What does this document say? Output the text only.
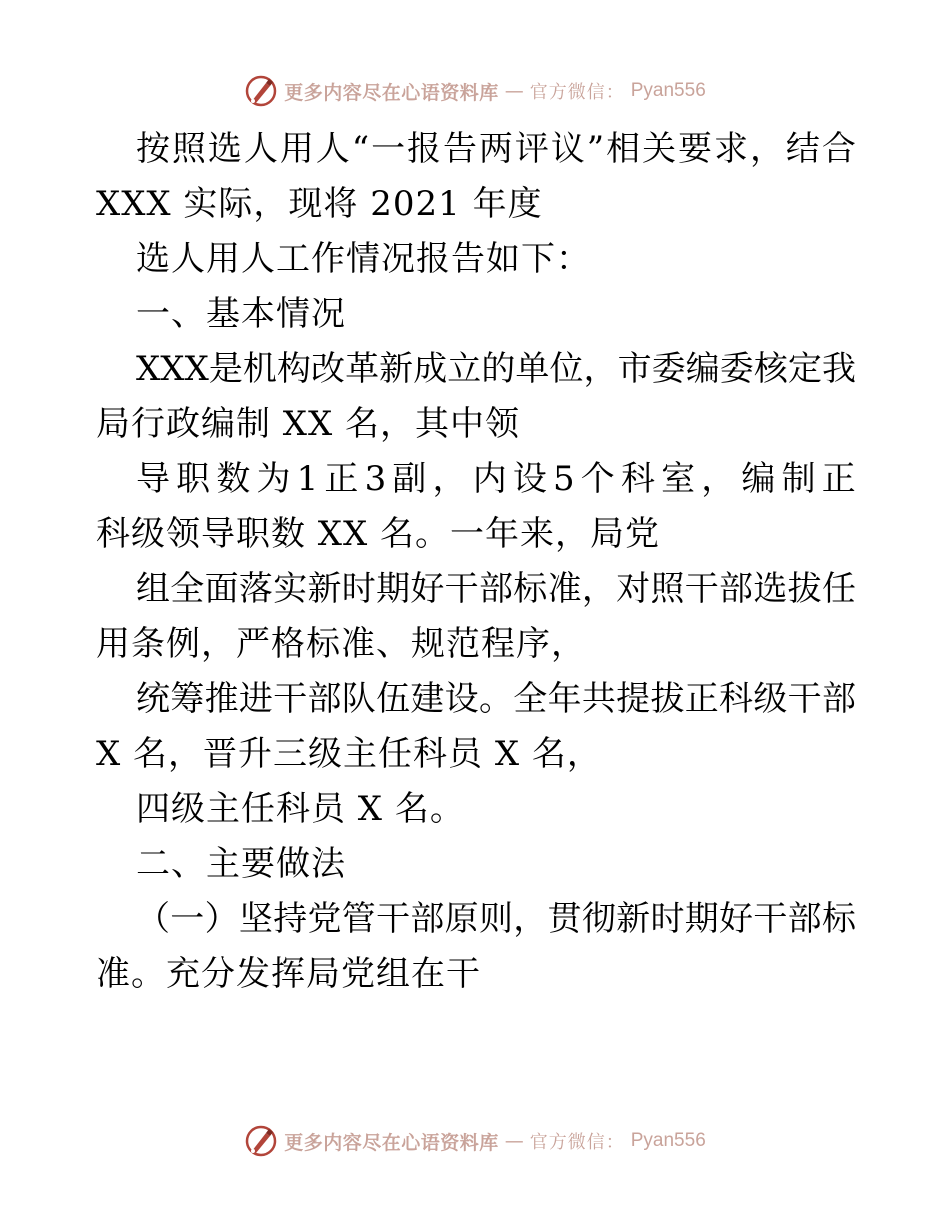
更多内容尽在心语资料库 — 官方微信： Pyan556
按 照 选 人 用 人 “ 一 报 告 两 评 议 ” 相 关 要 求 ， 结 合
XXX 实际，现将 2021 年度
选人用人工作情况报告如下：
一、基本情况
X X X 是 机 构 改 革 新 成 立 的 单 位 ， 市 委 编 委 核 定 我
局行政编制 XX 名，其中领
导 职 数 为 1 正 3 副 ， 内 设 5 个 科 室 ， 编 制 正
科级领导职数 XX 名。一年来，局党
组 全 面 落 实 新 时 期 好 干 部 标 准 ， 对 照 干 部 选 拔 任
用条例，严格标准、规范程序，
统 筹 推 进 干 部 队 伍 建 设 。 全 年 共 提 拔 正 科 级 干 部
X 名，晋升三级主任科员 X 名，
四级主任科员 X 名。
二、主要做法
（ 一 ） 坚 持 党 管 干 部 原 则 ， 贯 彻 新 时 期 好 干 部 标
准。充分发挥局党组在干
更多内容尽在心语资料库 — 官方微信： Pyan556
